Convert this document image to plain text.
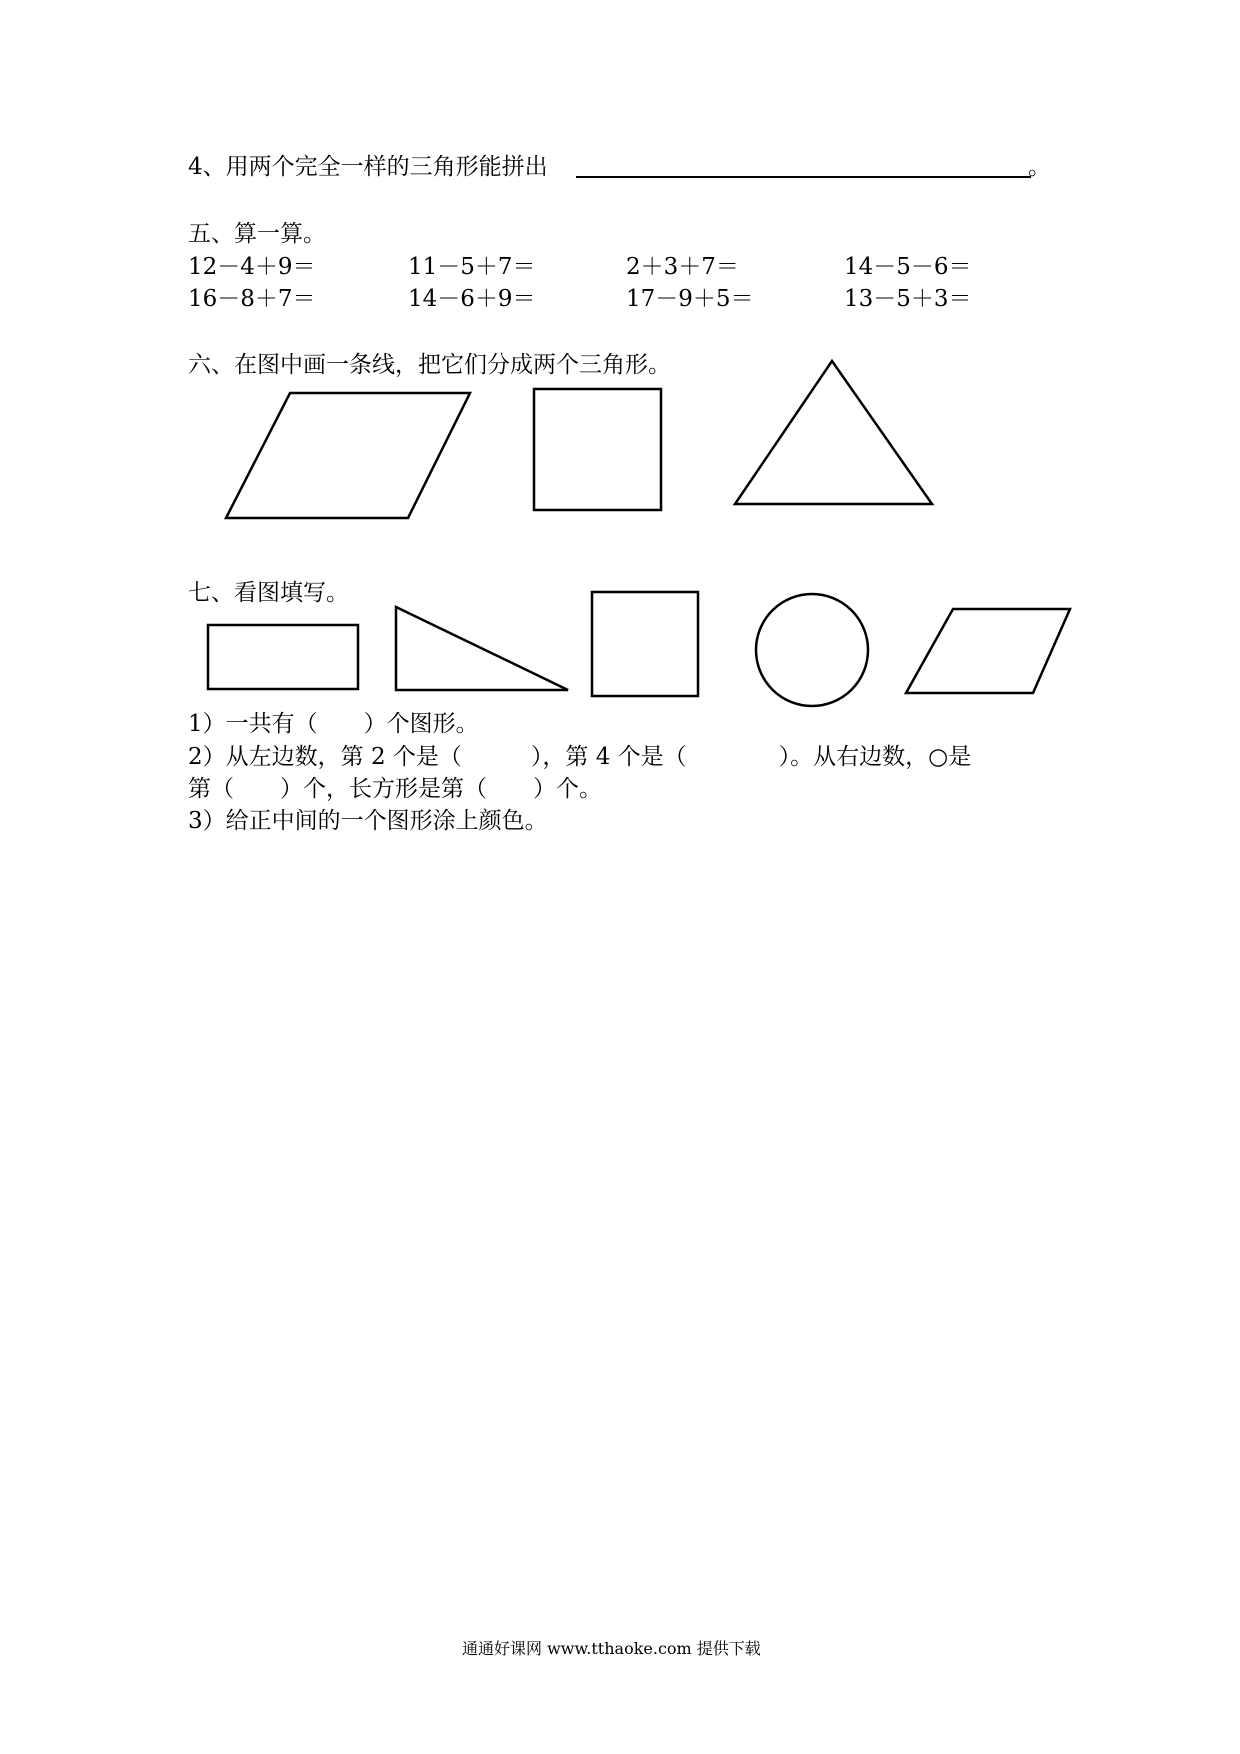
4、用两个完全一样的三角形能拼出	。
五、算一算。
12－4＋9＝	11－5＋7＝	2＋3＋7＝	14－5－6＝
16－8＋7＝	14－6＋9＝	17－9＋5＝	13－5＋3＝
六、在图中画一条线，把它们分成两个三角形。
七、看图填写。
1）一共有（　　）个图形。
2）从左边数，第 2 个是（　　　），第 4 个是（　　　　）。从右边数，○是
第（　　）个，长方形是第（　　）个。
3）给正中间的一个图形涂上颜色。
通通好课网 www.tthaoke.com 提供下载
